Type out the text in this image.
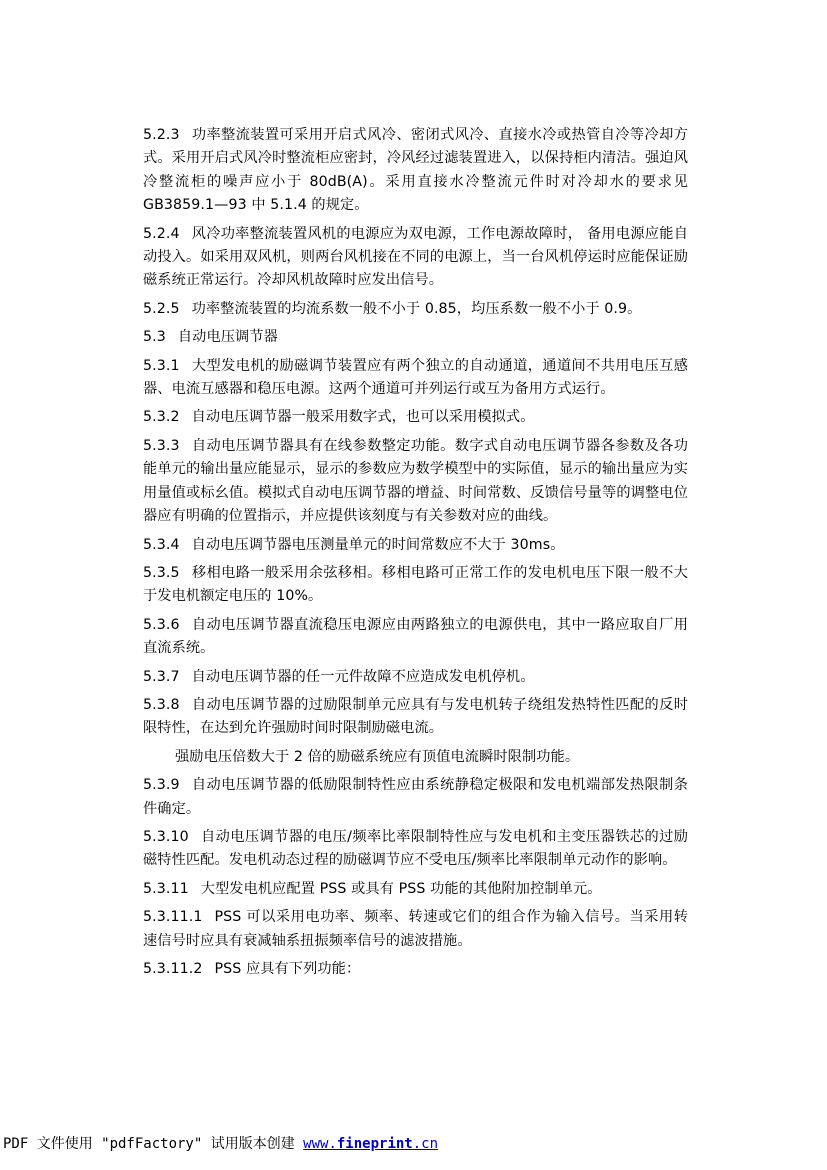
5.2.3 功率整流装置可采用开启式风冷、密闭式风冷、直接水冷或热管自冷等冷却方式。采用开启式风冷时整流柜应密封，冷风经过滤装置进入，以保持柜内清洁。强迫风冷整流柜的噪声应小于 80dB(A)。采用直接水冷整流元件时对冷却水的要求见 GB3859.1—93 中 5.1.4 的规定。

5.2.4 风冷功率整流装置风机的电源应为双电源，工作电源故障时， 备用电源应能自动投入。如采用双风机，则两台风机接在不同的电源上，当一台风机停运时应能保证励磁系统正常运行。冷却风机故障时应发出信号。

5.2.5 功率整流装置的均流系数一般不小于 0.85，均压系数一般不小于 0.9。

5.3 自动电压调节器

5.3.1 大型发电机的励磁调节装置应有两个独立的自动通道，通道间不共用电压互感器、电流互感器和稳压电源。这两个通道可并列运行或互为备用方式运行。

5.3.2 自动电压调节器一般采用数字式，也可以采用模拟式。

5.3.3 自动电压调节器具有在线参数整定功能。数字式自动电压调节器各参数及各功能单元的输出量应能显示，显示的参数应为数学模型中的实际值，显示的输出量应为实用量值或标幺值。模拟式自动电压调节器的增益、时间常数、反馈信号量等的调整电位器应有明确的位置指示，并应提供该刻度与有关参数对应的曲线。

5.3.4 自动电压调节器电压测量单元的时间常数应不大于 30ms。

5.3.5 移相电路一般采用余弦移相。移相电路可正常工作的发电机电压下限一般不大于发电机额定电压的 10%。

5.3.6 自动电压调节器直流稳压电源应由两路独立的电源供电，其中一路应取自厂用直流系统。

5.3.7 自动电压调节器的任一元件故障不应造成发电机停机。

5.3.8 自动电压调节器的过励限制单元应具有与发电机转子绕组发热特性匹配的反时限特性，在达到允许强励时间时限制励磁电流。

强励电压倍数大于 2 倍的励磁系统应有顶值电流瞬时限制功能。

5.3.9 自动电压调节器的低励限制特性应由系统静稳定极限和发电机端部发热限制条件确定。

5.3.10 自动电压调节器的电压/频率比率限制特性应与发电机和主变压器铁芯的过励磁特性匹配。发电机动态过程的励磁调节应不受电压/频率比率限制单元动作的影响。

5.3.11 大型发电机应配置 PSS 或具有 PSS 功能的其他附加控制单元。

5.3.11.1 PSS 可以采用电功率、频率、转速或它们的组合作为输入信号。当采用转速信号时应具有衰减轴系扭振频率信号的滤波措施。

5.3.11.2 PSS 应具有下列功能：

PDF 文件使用 "pdfFactory" 试用版本创建 www.fineprint.cn
